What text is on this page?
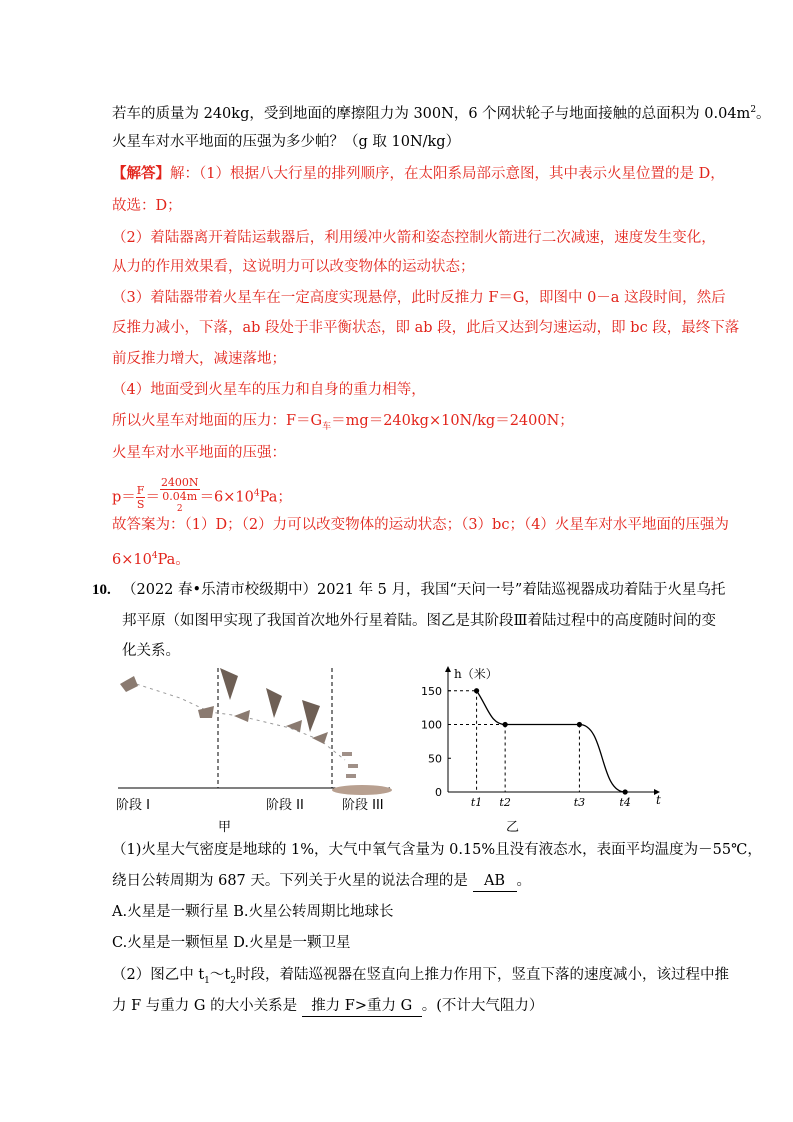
若车的质量为 240kg，受到地面的摩擦阻力为 300N，6 个网状轮子与地面接触的总面积为 $0.04m^2$。
火星车对水平地面的压强为多少帕？（g 取 10N/kg）
【解答】解：（1）根据八大行星的排列顺序，在太阳系局部示意图，其中表示火星位置的是 D，
故选：D；
（2）着陆器离开着陆运载器后，利用缓冲火箭和姿态控制火箭进行二次减速，速度发生变化，
从力的作用效果看，这说明力可以改变物体的运动状态；
（3）着陆器带着火星车在一定高度实现悬停，此时反推力 F＝G，即图中 0－a 这段时间，然后
反推力减小，下落，ab 段处于非平衡状态，即 ab 段，此后又达到匀速运动，即 bc 段，最终下落
前反推力增大，减速落地；
（4）地面受到火星车的压力和自身的重力相等，
所以火星车对地面的压力：$F=G_车=mg=240kg\times 10N/kg=2400N$；
火星车对水平地面的压强：
$p= \frac{F}{S} = 2400N$
0.04m
$^2 =6\times 10^4Pa$；
故答案为：（1）D；（2）力可以改变物体的运动状态；（3）bc；（4）火星车对水平地面的压强为
$6\times 10^4Pa$。
10. （2022 春•乐清市校级期中）2021 年 5 月，我国“天问一号”着陆巡视器成功着陆于火星乌托
邦平原（如图甲实现了我国首次地外行星着陆。图乙是其阶段Ⅲ着陆过程中的高度随时间的变
化关系。
阶段 I	阶段 II	阶段 III
甲
h（米）
t
0
50
100
150
t1 t2	t3	t4
乙
（1)火星大气密度是地球的 1%，大气中氧气含量为 0.15%且没有液态水，表面平均温度为－55℃，
绕日公转周期为 687 天。下列关于火星的说法合理的是 AB 。
A.火星是一颗行星 B.火星公转周期比地球长
C.火星是一颗恒星 D.火星是一颗卫星
（2）图乙中 $t_1\sim t_2$时段，着陆巡视器在竖直向上推力作用下，竖直下落的速度减小，该过程中推
力 F 与重力 G 的大小关系是 推力 F>重力 G 。(不计大气阻力）
